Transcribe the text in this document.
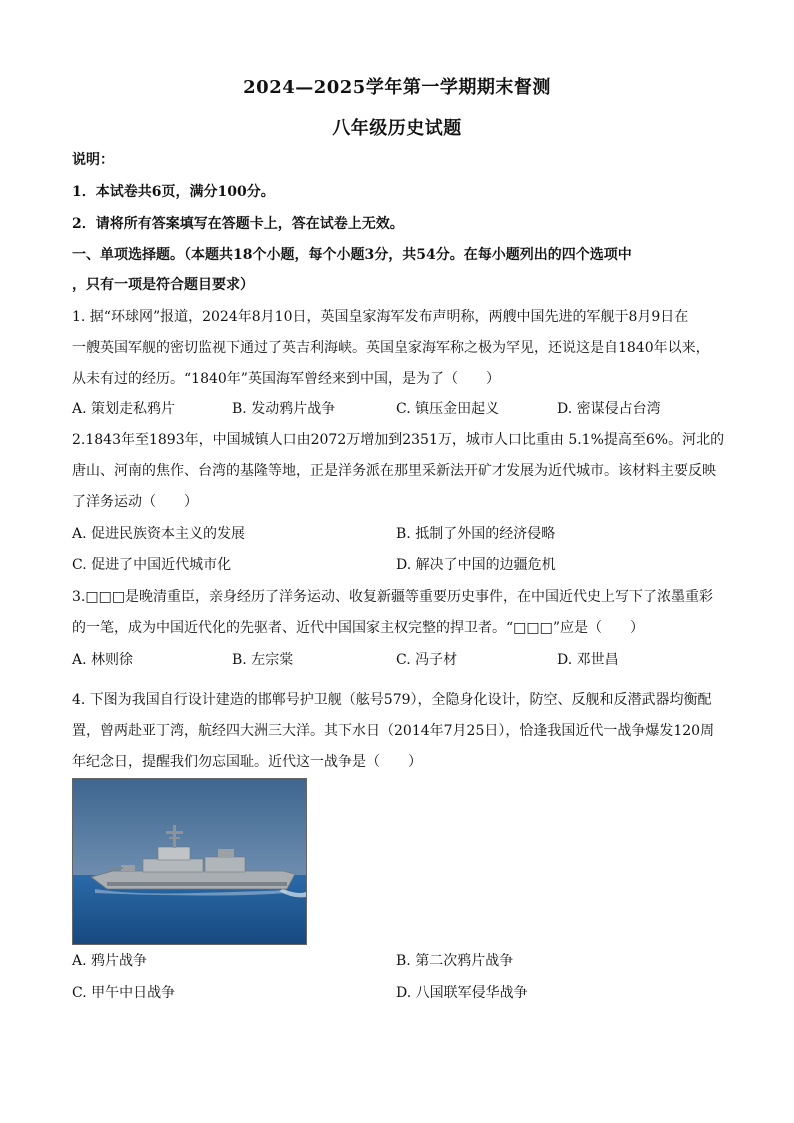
2024—2025学年第一学期期末督测
八年级历史试题
说明：
1．本试卷共6页，满分100分。
2．请将所有答案填写在答题卡上，答在试卷上无效。
一、单项选择题。（本题共18个小题，每个小题3分，共54分。在每小题列出的四个选项中
，只有一项是符合题目要求）
1. 据“环球网”报道，2024年8月10日，英国皇家海军发布声明称，两艘中国先进的军舰于8月9日在
一艘英国军舰的密切监视下通过了英吉利海峡。英国皇家海军称之极为罕见，还说这是自1840年以来，
从未有过的经历。“1840年”英国海军曾经来到中国，是为了（　　）
A. 策划走私鸦片	B. 发动鸦片战争	C. 镇压金田起义	D. 密谋侵占台湾
2.1843年至1893年，中国城镇人口由2072万增加到2351万，城市人口比重由 5.1%提高至6%。河北的
唐山、河南的焦作、台湾的基隆等地，正是洋务派在那里采新法开矿才发展为近代城市。该材料主要反映
了洋务运动（　　）
A. 促进民族资本主义的发展	B. 抵制了外国的经济侵略
C. 促进了中国近代城市化	D. 解决了中国的边疆危机
3.□□□是晚清重臣，亲身经历了洋务运动、收复新疆等重要历史事件，在中国近代史上写下了浓墨重彩
的一笔，成为中国近代化的先驱者、近代中国国家主权完整的捍卫者。“□□□”应是（　　）
A. 林则徐	B. 左宗棠	C. 冯子材	D. 邓世昌
4. 下图为我国自行设计建造的邯郸号护卫舰（舷号579），全隐身化设计，防空、反舰和反潜武器均衡配
置，曾两赴亚丁湾，航经四大洲三大洋。其下水日（2014年7月25日），恰逢我国近代一战争爆发120周
年纪念日，提醒我们勿忘国耻。近代这一战争是（　　）
A. 鸦片战争	B. 第二次鸦片战争
C. 甲午中日战争	D. 八国联军侵华战争
